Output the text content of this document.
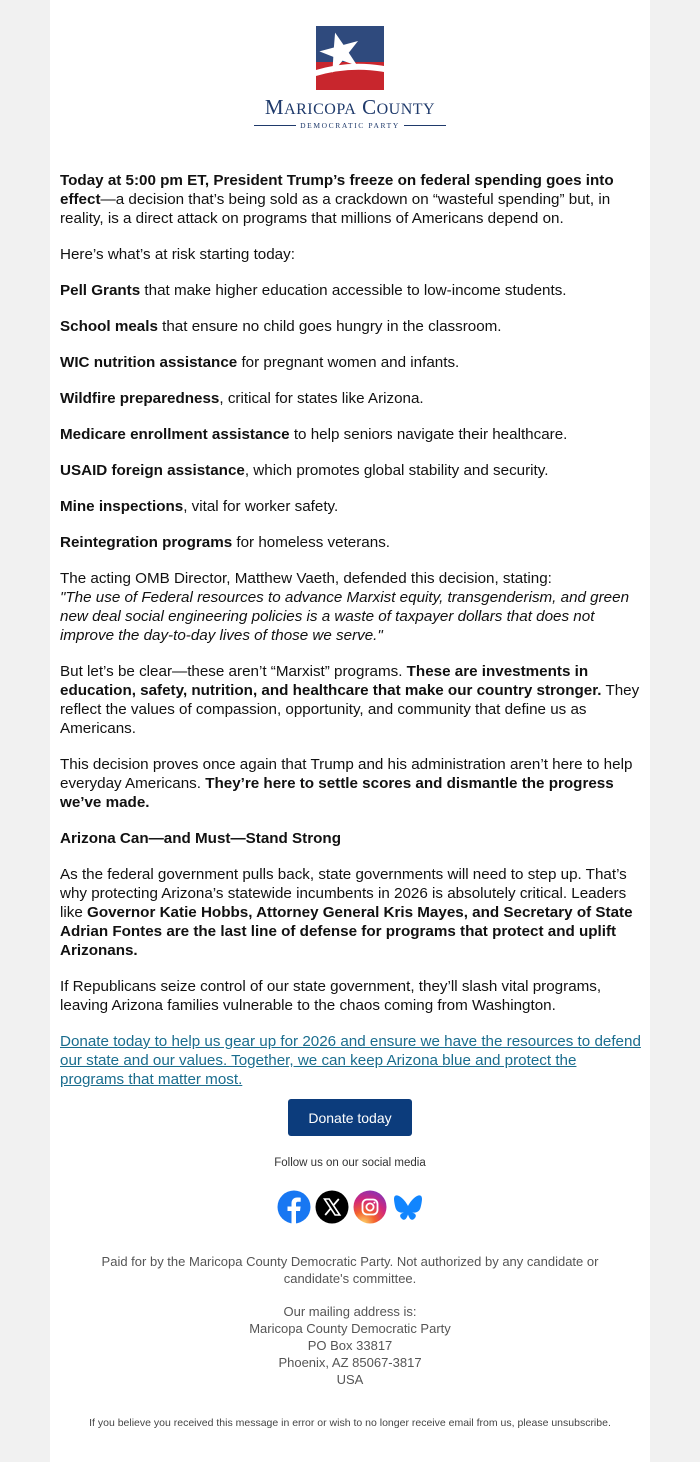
MARICOPA COUNTY
DEMOCRATIC PARTY

Today at 5:00 pm ET, President Trump’s freeze on federal spending goes into effect—a decision that’s being sold as a crackdown on “wasteful spending” but, in reality, is a direct attack on programs that millions of Americans depend on.

Here’s what’s at risk starting today:

Pell Grants that make higher education accessible to low-income students.

School meals that ensure no child goes hungry in the classroom.

WIC nutrition assistance for pregnant women and infants.

Wildfire preparedness, critical for states like Arizona.

Medicare enrollment assistance to help seniors navigate their healthcare.

USAID foreign assistance, which promotes global stability and security.

Mine inspections, vital for worker safety.

Reintegration programs for homeless veterans.

The acting OMB Director, Matthew Vaeth, defended this decision, stating:
"The use of Federal resources to advance Marxist equity, transgenderism, and green new deal social engineering policies is a waste of taxpayer dollars that does not improve the day-to-day lives of those we serve."

But let’s be clear—these aren’t “Marxist” programs. These are investments in education, safety, nutrition, and healthcare that make our country stronger. They reflect the values of compassion, opportunity, and community that define us as Americans.

This decision proves once again that Trump and his administration aren’t here to help everyday Americans. They’re here to settle scores and dismantle the progress we’ve made.

Arizona Can—and Must—Stand Strong

As the federal government pulls back, state governments will need to step up. That’s why protecting Arizona’s statewide incumbents in 2026 is absolutely critical. Leaders like Governor Katie Hobbs, Attorney General Kris Mayes, and Secretary of State Adrian Fontes are the last line of defense for programs that protect and uplift Arizonans.

If Republicans seize control of our state government, they’ll slash vital programs, leaving Arizona families vulnerable to the chaos coming from Washington.

Donate today to help us gear up for 2026 and ensure we have the resources to defend our state and our values. Together, we can keep Arizona blue and protect the programs that matter most.

Donate today
Follow us on our social media
Paid for by the Maricopa County Democratic Party. Not authorized by any candidate or candidate's committee.
Our mailing address is:
Maricopa County Democratic Party
PO Box 33817
Phoenix, AZ 85067-3817
USA
If you believe you received this message in error or wish to no longer receive email from us, please unsubscribe.
